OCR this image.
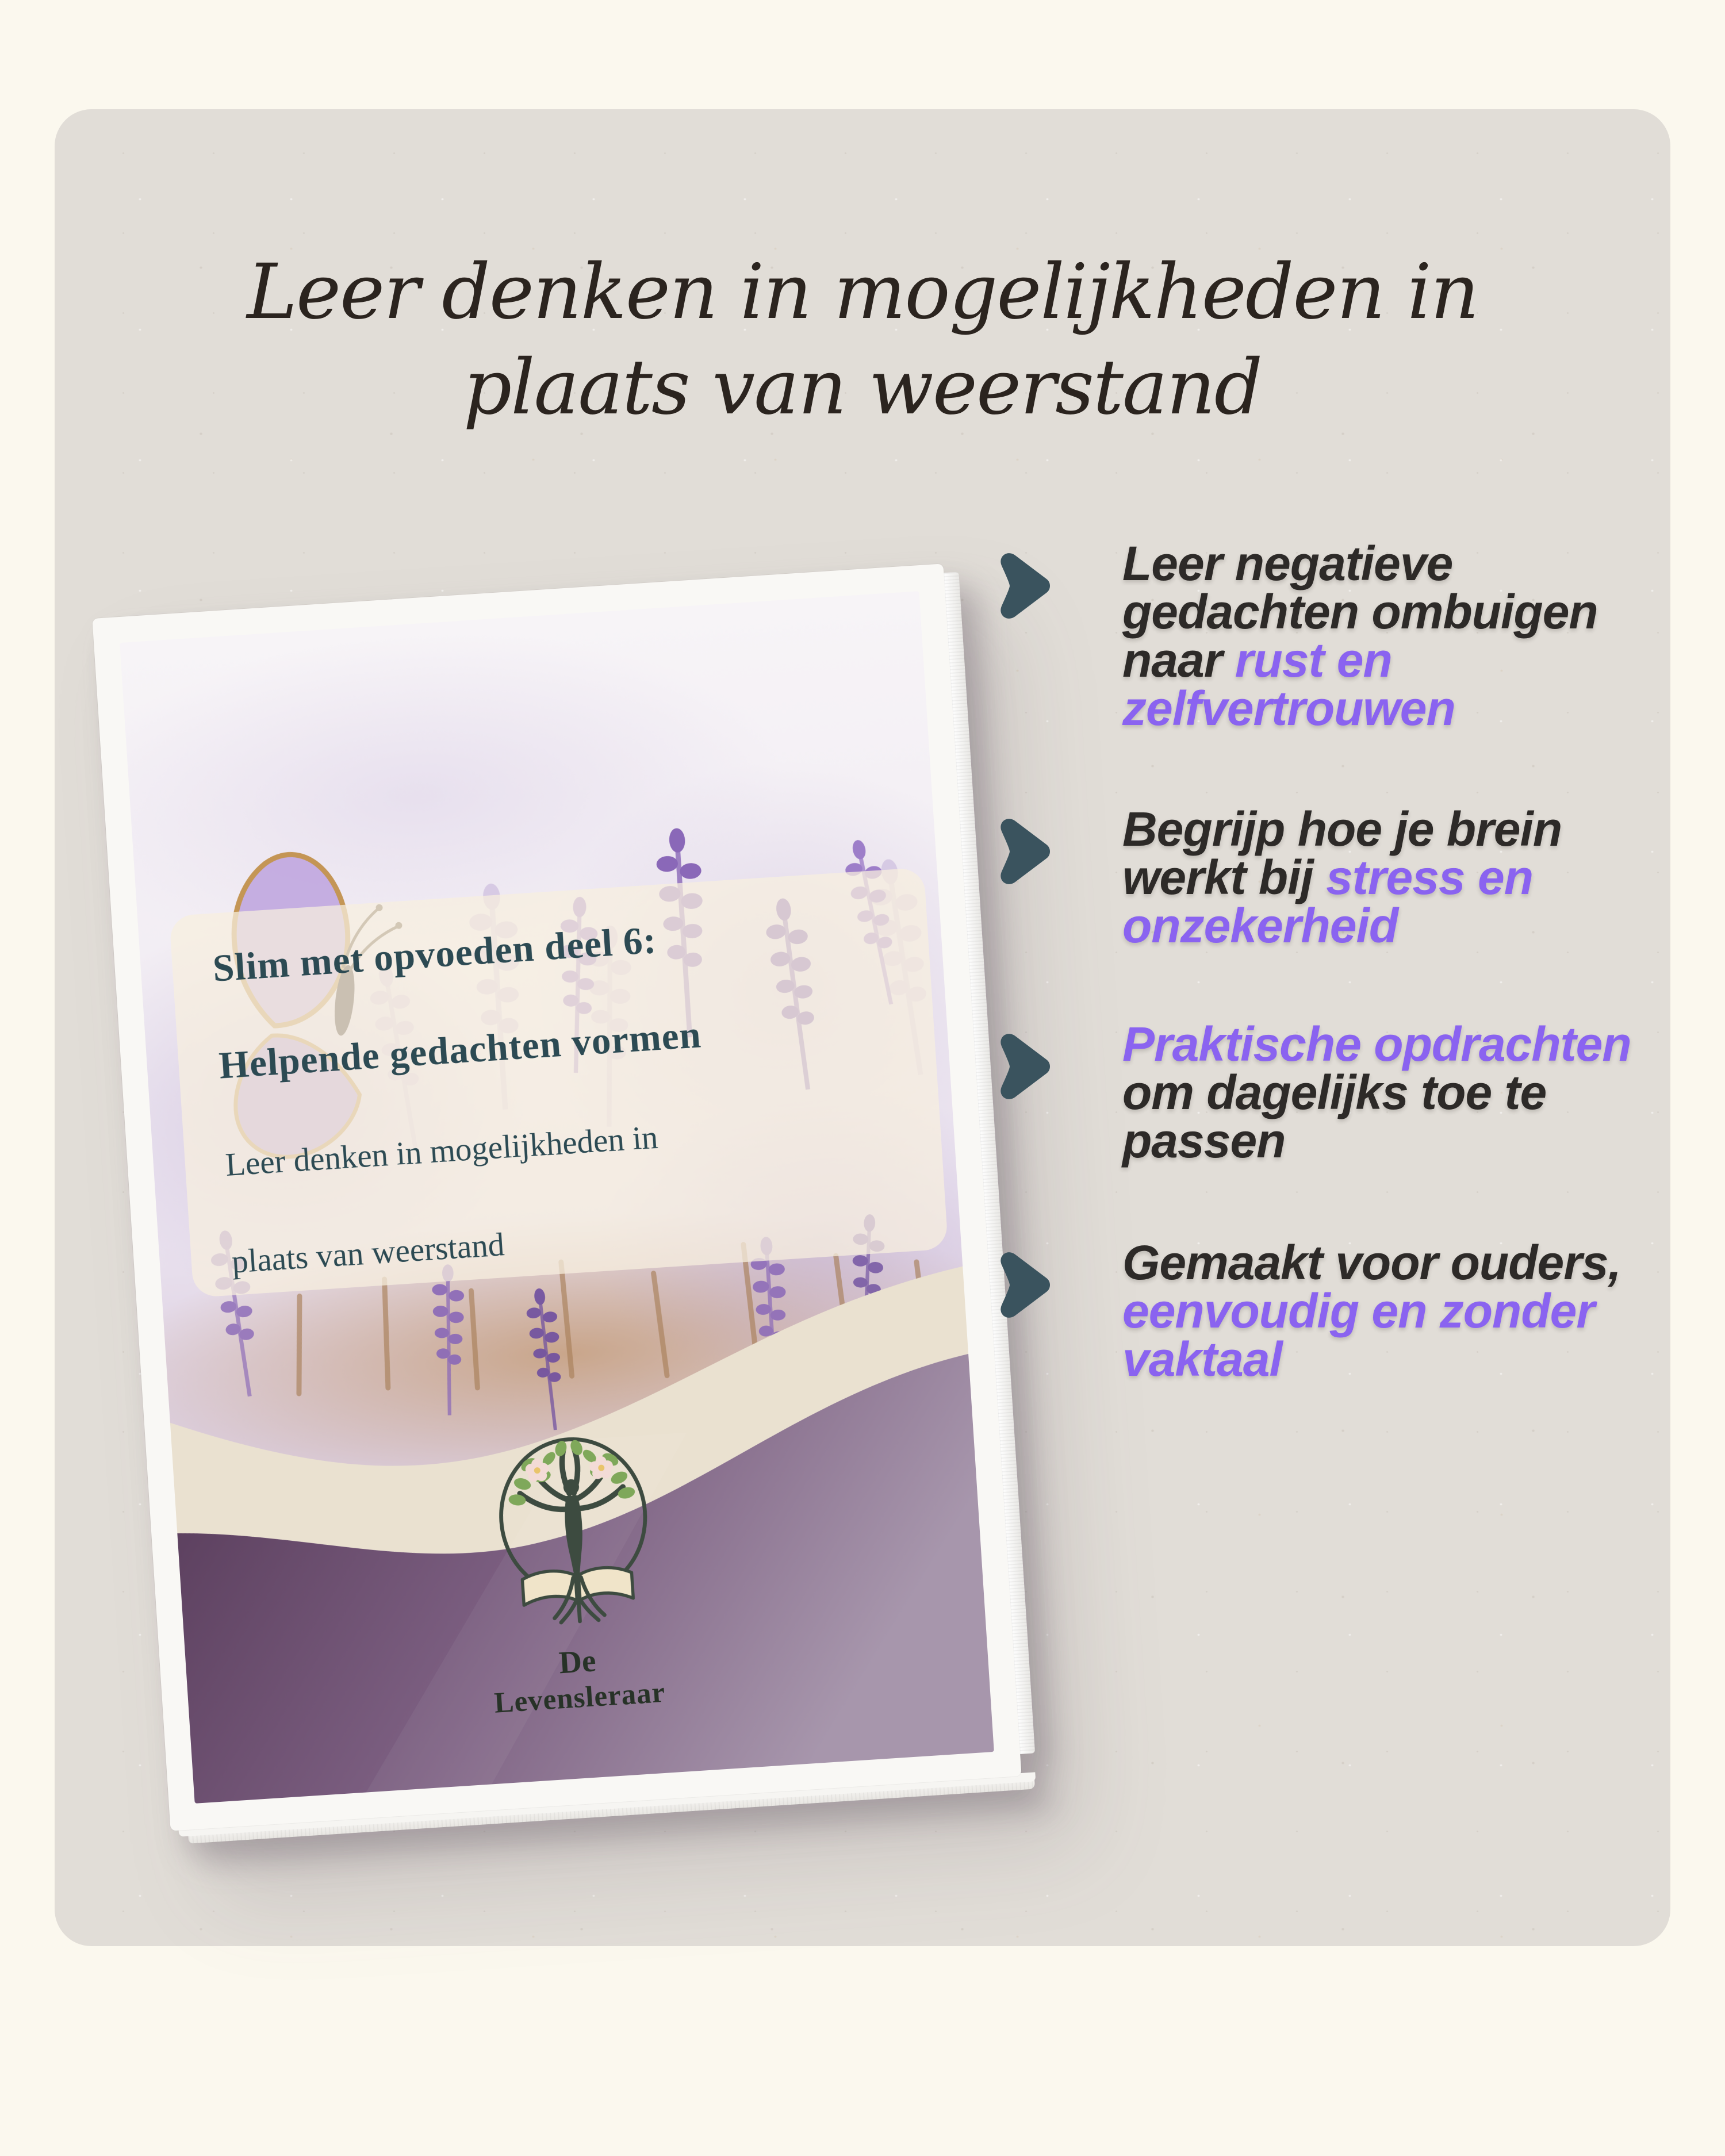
Leer denken in mogelijkheden in
plaats van weerstand

Slim met opvoeden deel 6:

Helpende gedachten vormen

Leer denken in mogelijkheden in

plaats van weerstand

De
Levensleraar
Leer negatieve
gedachten ombuigen
naar rust en
zelfvertrouwen
Begrijp hoe je brein
werkt bij stress en
onzekerheid
Praktische opdrachten
om dagelijks toe te
passen
Gemaakt voor ouders,
eenvoudig en zonder
vaktaal
